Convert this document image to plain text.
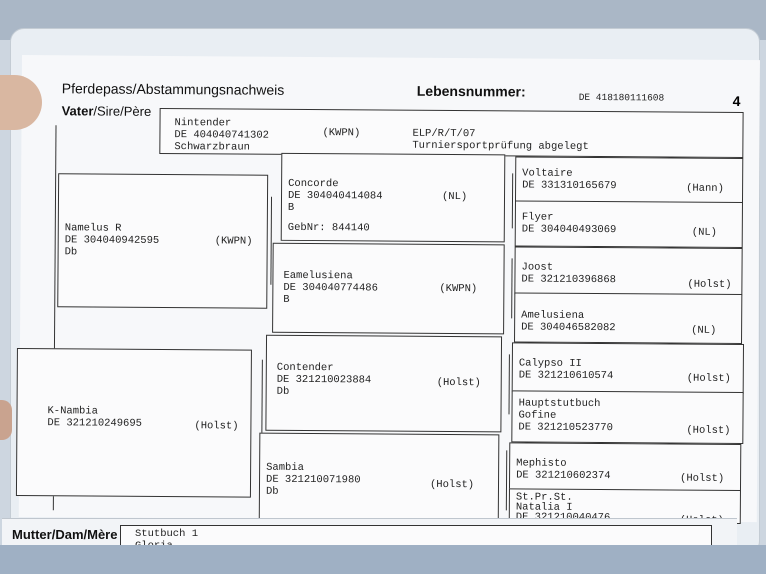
Pferdepass/Abstammungsnachweis	Lebensnummer:	DE 418180111608	4
Vater/Sire/Père
Nintender
DE 404040741302	(KWPN)
Schwarzbraun
ELP/R/T/07
Turniersportprüfung abgelegt
Namelus R
DE 304040942595	(KWPN)
Db
K-Nambia
DE 321210249695	(Holst)
Concorde
DE 304040414084	(NL)
B
GebNr: 844140
Eamelusiena
DE 304040774486	(KWPN)
B
Contender
DE 321210023884	(Holst)
Db
Sambia
DE 321210071980	(Holst)
Db
Voltaire
DE 331310165679	(Hann)
Flyer
DE 304040493069	(NL)
Joost
DE 321210396868	(Holst)
Amelusiena
DE 304046582082	(NL)
Calypso II
DE 321210610574	(Holst)
Hauptstutbuch
Gofine
DE 321210523770	(Holst)
Mephisto
DE 321210602374	(Holst)
St.Pr.St.
Natalia I
Mutter/Dam/Mère Stutbuch 1
